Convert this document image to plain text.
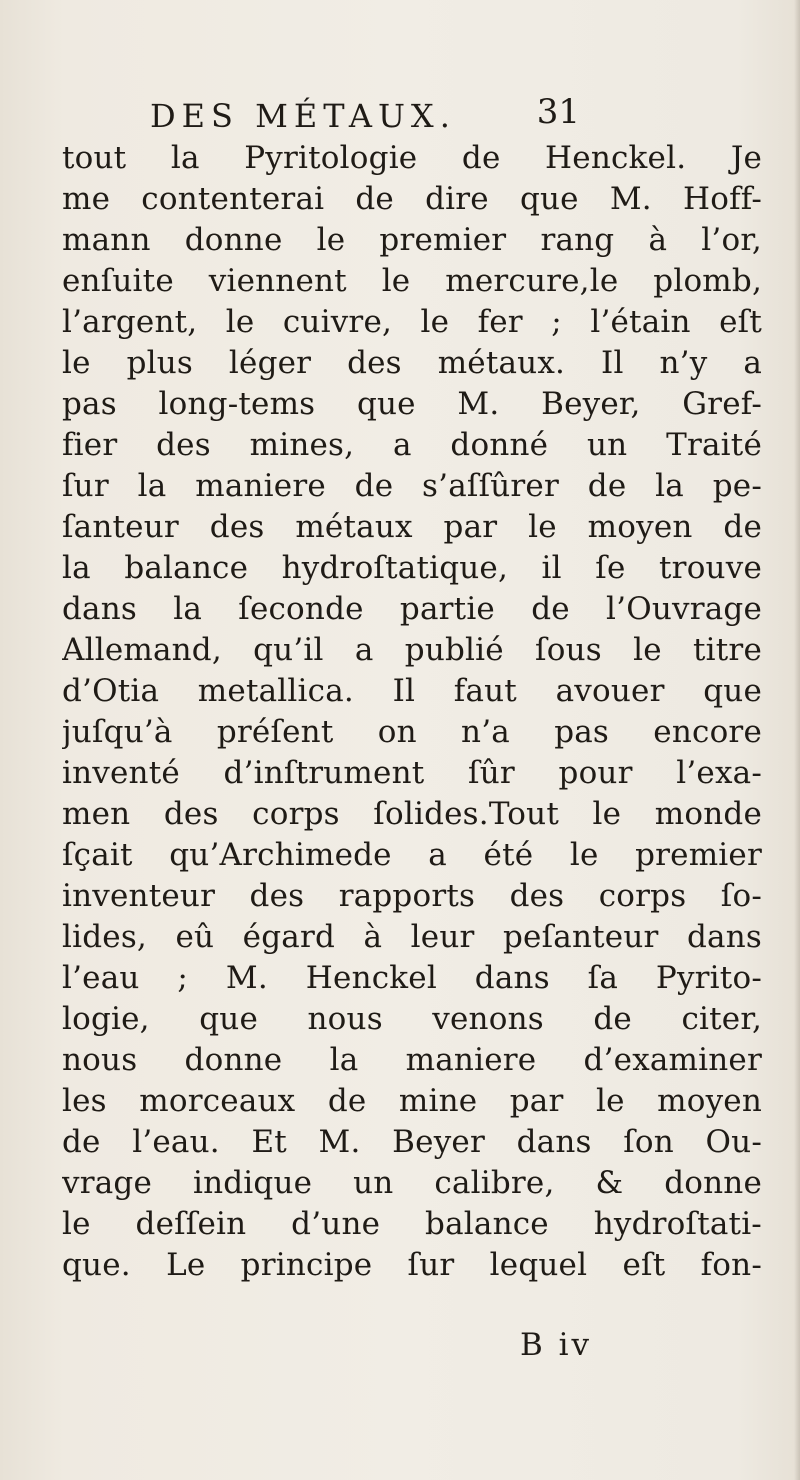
DES MÉTAUX. 31
tout la Pyritologie de Henckel. Je
me contenterai de dire que M. Hoff-
mann donne le premier rang à l’or,
enſuite viennent le mercure,le plomb,
l’argent, le cuivre, le fer ; l’étain eſt
le plus léger des métaux. Il n’y a
pas long-tems que M. Beyer, Gref-
fier des mines, a donné un Traité
ſur la maniere de s’aſſûrer de la pe-
ſanteur des métaux par le moyen de
la balance hydroſtatique, il ſe trouve
dans la ſeconde partie de l’Ouvrage
Allemand, qu’il a publié ſous le titre
d’Otia metallica. Il faut avouer que
juſqu’à préſent on n’a pas encore
inventé d’inſtrument ſûr pour l’exa-
men des corps ſolides.Tout le monde
ſçait qu’Archimede a été le premier
inventeur des rapports des corps ſo-
lides, eû égard à leur peſanteur dans
l’eau ; M. Henckel dans ſa Pyrito-
logie, que nous venons de citer,
nous donne la maniere d’examiner
les morceaux de mine par le moyen
de l’eau. Et M. Beyer dans ſon Ou-
vrage indique un calibre, & donne
le deſſein d’une balance hydroſtati-
que. Le principe ſur lequel eſt fon-
B iv
